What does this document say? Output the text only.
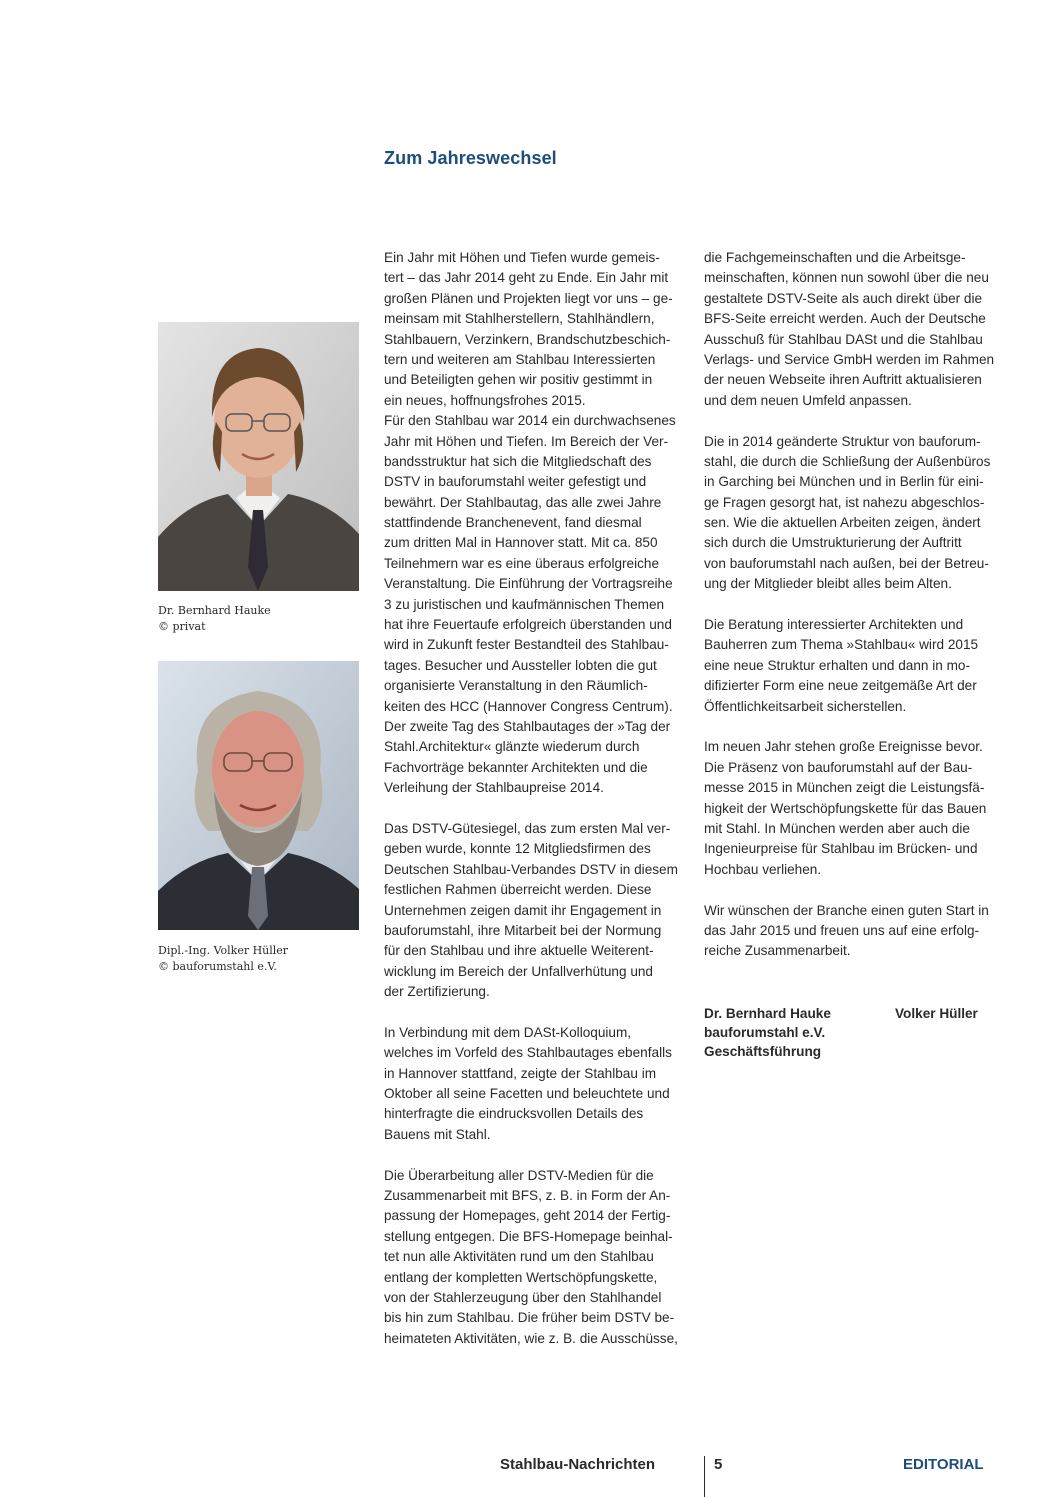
Zum Jahreswechsel
Dr. Bernhard Hauke
© privat
Dipl.-Ing. Volker Hüller
© bauforumstahl e.V.
Ein Jahr mit Höhen und Tiefen wurde gemeis-
tert – das Jahr 2014 geht zu Ende. Ein Jahr mit
großen Plänen und Projekten liegt vor uns – ge-
meinsam mit Stahlherstellern, Stahlhändlern,
Stahlbauern, Verzinkern, Brandschutzbeschich-
tern und weiteren am Stahlbau Interessierten
und Beteiligten gehen wir positiv gestimmt in
ein neues, hoffnungsfrohes 2015.
Für den Stahlbau war 2014 ein durchwachsenes
Jahr mit Höhen und Tiefen. Im Bereich der Ver-
bandsstruktur hat sich die Mitgliedschaft des
DSTV in bauforumstahl weiter gefestigt und
bewährt. Der Stahlbautag, das alle zwei Jahre
stattfindende Branchenevent, fand diesmal
zum dritten Mal in Hannover statt. Mit ca. 850
Teilnehmern war es eine überaus erfolgreiche
Veranstaltung. Die Einführung der Vortragsreihe
3 zu juristischen und kaufmännischen Themen
hat ihre Feuertaufe erfolgreich überstanden und
wird in Zukunft fester Bestandteil des Stahlbau-
tages. Besucher und Aussteller lobten die gut
organisierte Veranstaltung in den Räumlich-
keiten des HCC (Hannover Congress Centrum).
Der zweite Tag des Stahlbautages der »Tag der
Stahl.Architektur« glänzte wiederum durch
Fachvorträge bekannter Architekten und die
Verleihung der Stahlbaupreise 2014.
Das DSTV-Gütesiegel, das zum ersten Mal ver-
geben wurde, konnte 12 Mitgliedsfirmen des
Deutschen Stahlbau-Verbandes DSTV in diesem
festlichen Rahmen überreicht werden. Diese
Unternehmen zeigen damit ihr Engagement in
bauforumstahl, ihre Mitarbeit bei der Normung
für den Stahlbau und ihre aktuelle Weiterent-
wicklung im Bereich der Unfallverhütung und
der Zertifizierung.
In Verbindung mit dem DASt-Kolloquium,
welches im Vorfeld des Stahlbautages ebenfalls
in Hannover stattfand, zeigte der Stahlbau im
Oktober all seine Facetten und beleuchtete und
hinterfragte die eindrucksvollen Details des
Bauens mit Stahl.
Die Überarbeitung aller DSTV-Medien für die
Zusammenarbeit mit BFS, z. B. in Form der An-
passung der Homepages, geht 2014 der Fertig-
stellung entgegen. Die BFS-Homepage beinhal-
tet nun alle Aktivitäten rund um den Stahlbau
entlang der kompletten Wertschöpfungskette,
von der Stahlerzeugung über den Stahlhandel
bis hin zum Stahlbau. Die früher beim DSTV be-
heimateten Aktivitäten, wie z. B. die Ausschüsse,
die Fachgemeinschaften und die Arbeitsge-
meinschaften, können nun sowohl über die neu
gestaltete DSTV-Seite als auch direkt über die
BFS-Seite erreicht werden. Auch der Deutsche
Ausschuß für Stahlbau DASt und die Stahlbau
Verlags- und Service GmbH werden im Rahmen
der neuen Webseite ihren Auftritt aktualisieren
und dem neuen Umfeld anpassen.
Die in 2014 geänderte Struktur von bauforum-
stahl, die durch die Schließung der Außenbüros
in Garching bei München und in Berlin für eini-
ge Fragen gesorgt hat, ist nahezu abgeschlos-
sen. Wie die aktuellen Arbeiten zeigen, ändert
sich durch die Umstrukturierung der Auftritt
von bauforumstahl nach außen, bei der Betreu-
ung der Mitglieder bleibt alles beim Alten.
Die Beratung interessierter Architekten und
Bauherren zum Thema »Stahlbau« wird 2015
eine neue Struktur erhalten und dann in mo-
difizierter Form eine neue zeitgemäße Art der
Öffentlichkeitsarbeit sicherstellen.
Im neuen Jahr stehen große Ereignisse bevor.
Die Präsenz von bauforumstahl auf der Bau-
messe 2015 in München zeigt die Leistungsfä-
higkeit der Wertschöpfungskette für das Bauen
mit Stahl. In München werden aber auch die
Ingenieurpreise für Stahlbau im Brücken- und
Hochbau verliehen.
Wir wünschen der Branche einen guten Start in
das Jahr 2015 und freuen uns auf eine erfolg-
reiche Zusammenarbeit.
Dr. Bernhard Hauke
bauforumstahl e.V.
Geschäftsführung
Volker Hüller
Stahlbau-Nachrichten	5	EDITORIAL
